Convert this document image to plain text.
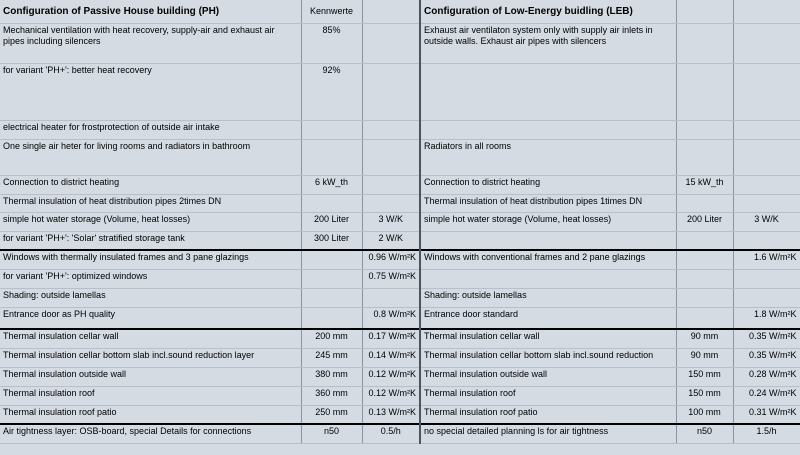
Configuration of Passive House building (PH)	Kennwerte		Configuration of Low-Energy buidling (LEB)		
Mechanical ventilation with heat recovery, supply-air and exhaust air pipes including silencers	85%		Exhaust air ventilaton system only with supply air inlets in outside walls. Exhaust air pipes with silencers		
for variant 'PH+': better heat recovery	92%				
electrical heater for frostprotection of outside air intake					
One single air heter for living rooms and radiators in bathroom			Radiators in all rooms		
Connection to district heating	6 kW_th		Connection to district heating	15 kW_th	
Thermal insulation of heat distribution pipes 2times DN			Thermal insulation of heat distribution pipes 1times DN		
simple hot water storage (Volume, heat losses)	200 Liter	3 W/K	simple hot water storage (Volume, heat losses)	200 Liter	3 W/K
for variant 'PH+': 'Solar' stratified storage tank	300 Liter	2 W/K			
Windows with thermally insulated frames and 3 pane glazings		0.96 W/m²K	Windows with conventional frames and 2 pane glazings		1.6 W/m²K
for variant 'PH+': optimized windows		0.75 W/m²K			
Shading: outside lamellas			Shading: outside lamellas		
Entrance door as PH quality		0.8 W/m²K	Entrance door standard		1.8 W/m²K
Thermal insulation cellar wall	200 mm	0.17 W/m²K	Thermal insulation cellar wall	90 mm	0.35 W/m²K
Thermal insulation cellar bottom slab incl.sound reduction layer	245 mm	0.14 W/m²K	Thermal insulation cellar bottom slab incl.sound reduction	90 mm	0.35 W/m²K
Thermal insulation outside wall	380 mm	0.12 W/m²K	Thermal insulation outside wall	150 mm	0.28 W/m²K
Thermal insulation roof	360 mm	0.12 W/m²K	Thermal insulation roof	150 mm	0.24 W/m²K
Thermal insulation roof patio	250 mm	0.13 W/m²K	Thermal insulation roof patio	100 mm	0.31 W/m²K
Air tightness layer: OSB-board, special Details for connections	n50	0.5/h	no special detailed planning ls for air tightness	n50	1.5/h
